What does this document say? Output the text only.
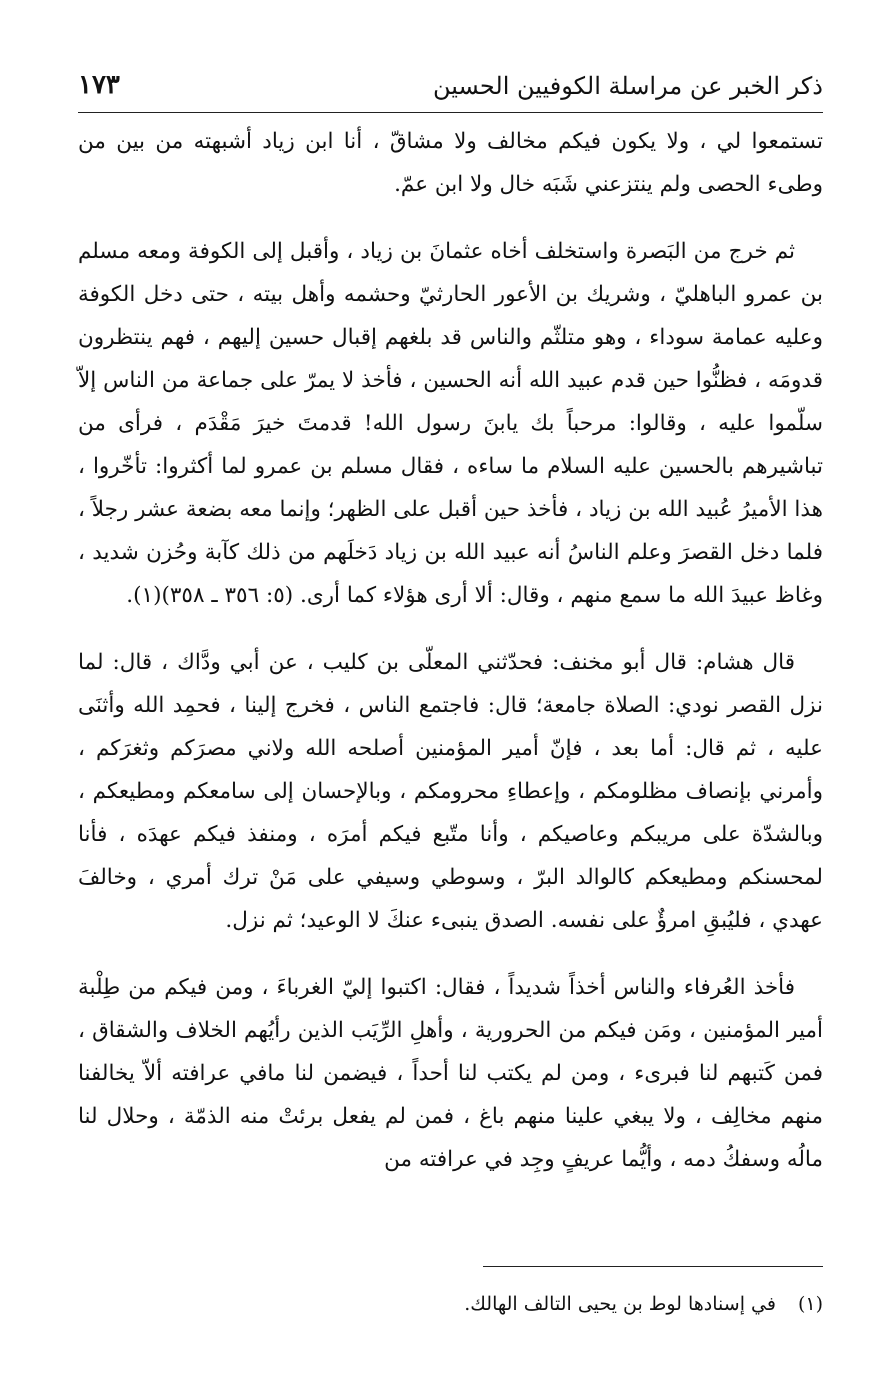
ذكر الخبر عن مراسلة الكوفيين الحسين
١٧٣

تستمعوا لي ، ولا يكون فيكم مخالف ولا مشاقّ ، أنا ابن زياد أشبهته من بين من وطىء الحصى ولم ينتزعني شَبَه خال ولا ابن عمّ.

ثم خرج من البَصرة واستخلف أخاه عثمانَ بن زياد ، وأقبل إلى الكوفة ومعه مسلم بن عمرو الباهليّ ، وشريك بن الأعور الحارثيّ وحشمه وأهل بيته ، حتى دخل الكوفة وعليه عمامة سوداء ، وهو متلثّم والناس قد بلغهم إقبال حسين إليهم ، فهم ينتظرون قدومَه ، فظنُّوا حين قدم عبيد الله أنه الحسين ، فأخذ لا يمرّ على جماعة من الناس إلاّ سلّموا عليه ، وقالوا: مرحباً بك يابنَ رسول الله! قدمتَ خيرَ مَقْدَم ، فرأى من تباشيرهم بالحسين عليه السلام ما ساءه ، فقال مسلم بن عمرو لما أكثروا: تأخّروا ، هذا الأميرُ عُبيد الله بن زياد ، فأخذ حين أقبل على الظهر؛ وإنما معه بضعة عشر رجلاً ، فلما دخل القصرَ وعلم الناسُ أنه عبيد الله بن زياد دَخلَهم من ذلك كآبة وحُزن شديد ، وغاظ عبيدَ الله ما سمع منهم ، وقال: ألا أرى هؤلاء كما أرى. (٥: ٣٥٦ ـ ٣٥٨)(١).

قال هشام: قال أبو مخنف: فحدّثني المعلّى بن كليب ، عن أبي ودَّاك ، قال: لما نزل القصر نودي: الصلاة جامعة؛ قال: فاجتمع الناس ، فخرج إلينا ، فحمِد الله وأثنَى عليه ، ثم قال: أما بعد ، فإنّ أمير المؤمنين أصلحه الله ولاني مصرَكم وثغرَكم ، وأمرني بإنصاف مظلومكم ، وإعطاءِ محرومكم ، وبالإحسان إلى سامعكم ومطيعكم ، وبالشدّة على مريبكم وعاصيكم ، وأنا متّبع فيكم أمرَه ، ومنفذ فيكم عهدَه ، فأنا لمحسنكم ومطيعكم كالوالد البرّ ، وسوطي وسيفي على مَنْ ترك أمري ، وخالفَ عهدي ، فليُبقِ امرؤٌ على نفسه. الصدق ينبىء عنكَ لا الوعيد؛ ثم نزل.

فأخذ العُرفاء والناس أخذاً شديداً ، فقال: اكتبوا إليّ الغرباءَ ، ومن فيكم من طِلْبة أمير المؤمنين ، ومَن فيكم من الحرورية ، وأهلِ الرِّيَب الذين رأيُهم الخلاف والشقاق ، فمن كَتبهم لنا فبرىء ، ومن لم يكتب لنا أحداً ، فيضمن لنا مافي عرافته ألاّ يخالفنا منهم مخالِف ، ولا يبغي علينا منهم باغ ، فمن لم يفعل برئتْ منه الذمّة ، وحلال لنا مالُه وسفكُ دمه ، وأيُّما عريفٍ وجِد في عرافته من

(١)في إسنادها لوط بن يحيى التالف الهالك.
